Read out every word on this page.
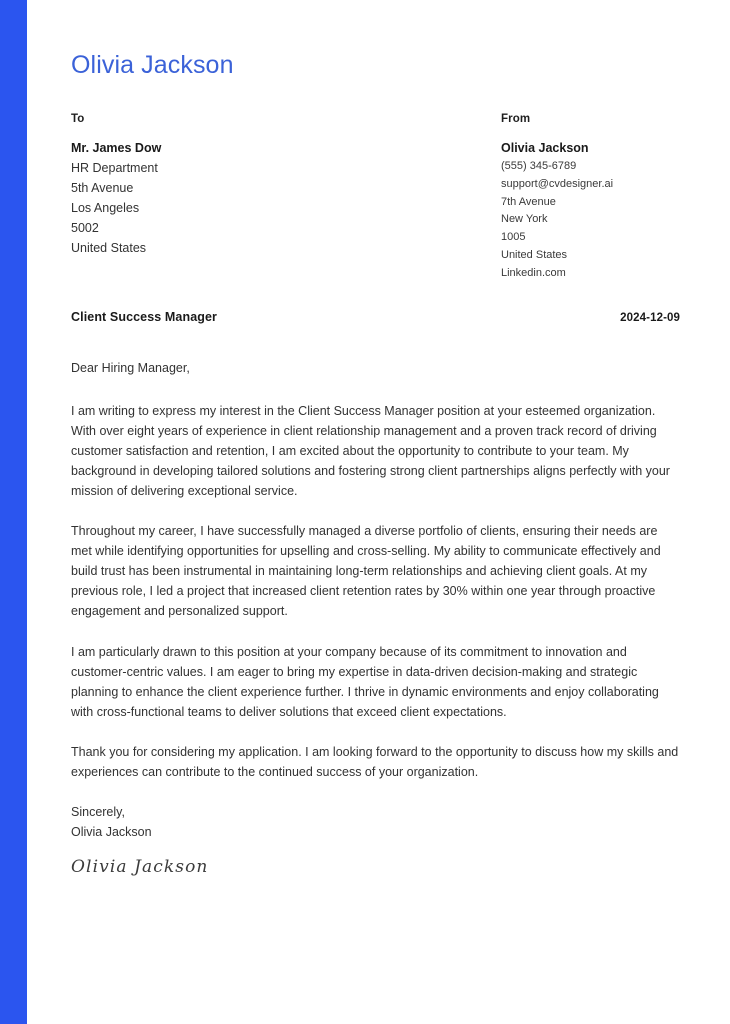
Olivia Jackson
To
Mr. James Dow
HR Department
5th Avenue
Los Angeles
5002
United States
From
Olivia Jackson
(555) 345-6789
support@cvdesigner.ai
7th Avenue
New York
1005
United States
Linkedin.com
Client Success Manager	2024-12-09
Dear Hiring Manager,

I am writing to express my interest in the Client Success Manager position at your esteemed organization. With over eight years of experience in client relationship management and a proven track record of driving customer satisfaction and retention, I am excited about the opportunity to contribute to your team. My background in developing tailored solutions and fostering strong client partnerships aligns perfectly with your mission of delivering exceptional service.

Throughout my career, I have successfully managed a diverse portfolio of clients, ensuring their needs are met while identifying opportunities for upselling and cross-selling. My ability to communicate effectively and build trust has been instrumental in maintaining long-term relationships and achieving client goals. At my previous role, I led a project that increased client retention rates by 30% within one year through proactive engagement and personalized support.

I am particularly drawn to this position at your company because of its commitment to innovation and customer-centric values. I am eager to bring my expertise in data-driven decision-making and strategic planning to enhance the client experience further. I thrive in dynamic environments and enjoy collaborating with cross-functional teams to deliver solutions that exceed client expectations.

Thank you for considering my application. I am looking forward to the opportunity to discuss how my skills and experiences can contribute to the continued success of your organization.

Sincerely,
Olivia Jackson
Olivia Jackson
